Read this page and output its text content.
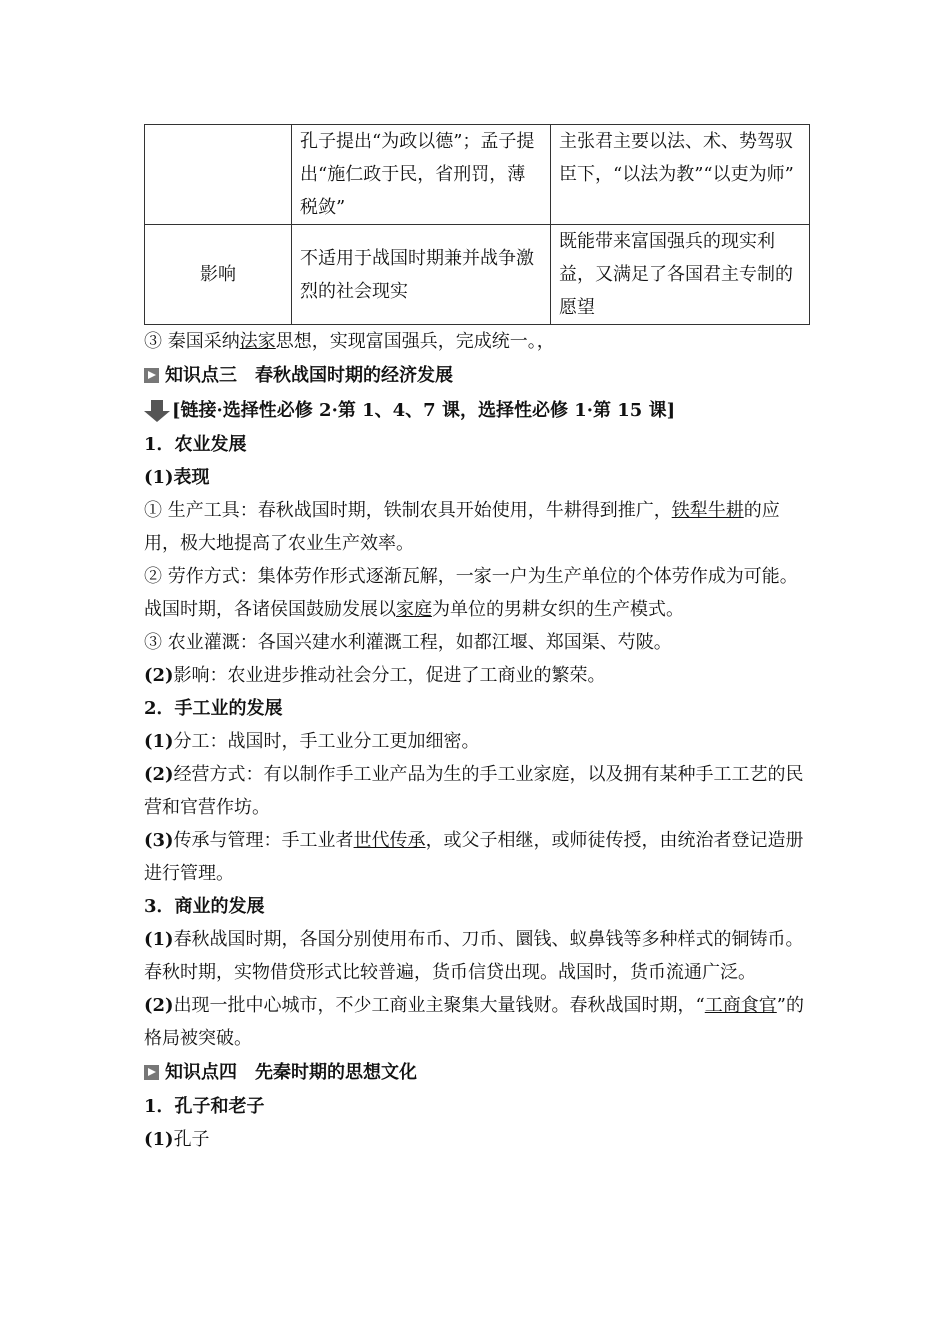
	孔子提出“为政以德”；孟子提出“施仁政于民，省刑罚，薄税敛”	主张君主要以法、术、势驾驭臣下，“以法为教”“以吏为师”
影响	不适用于战国时期兼并战争激烈的社会现实	既能带来富国强兵的现实利益，又满足了各国君主专制的愿望

③ 秦国采纳法家思想，实现富国强兵，完成统一。，

知识点三　春秋战国时期的经济发展
[链接·选择性必修 2·第 1、4、7 课，选择性必修 1·第 15 课]

1．农业发展

(1)表现

① 生产工具：春秋战国时期，铁制农具开始使用，牛耕得到推广，铁犁牛耕的应用，极大地提高了农业生产效率。

② 劳作方式：集体劳作形式逐渐瓦解，一家一户为生产单位的个体劳作成为可能。战国时期，各诸侯国鼓励发展以家庭为单位的男耕女织的生产模式。

③ 农业灌溉：各国兴建水利灌溉工程，如都江堰、郑国渠、芍陂。

(2)影响：农业进步推动社会分工，促进了工商业的繁荣。

2．手工业的发展

(1)分工：战国时，手工业分工更加细密。

(2)经营方式：有以制作手工业产品为生的手工业家庭，以及拥有某种手工工艺的民营和官营作坊。

(3)传承与管理：手工业者世代传承，或父子相继，或师徒传授，由统治者登记造册进行管理。

3．商业的发展

(1)春秋战国时期，各国分别使用布币、刀币、圜钱、蚁鼻钱等多种样式的铜铸币。春秋时期，实物借贷形式比较普遍，货币信贷出现。战国时，货币流通广泛。

(2)出现一批中心城市，不少工商业主聚集大量钱财。春秋战国时期，“工商食官”的格局被突破。

知识点四　先秦时期的思想文化

1．孔子和老子

(1)孔子
